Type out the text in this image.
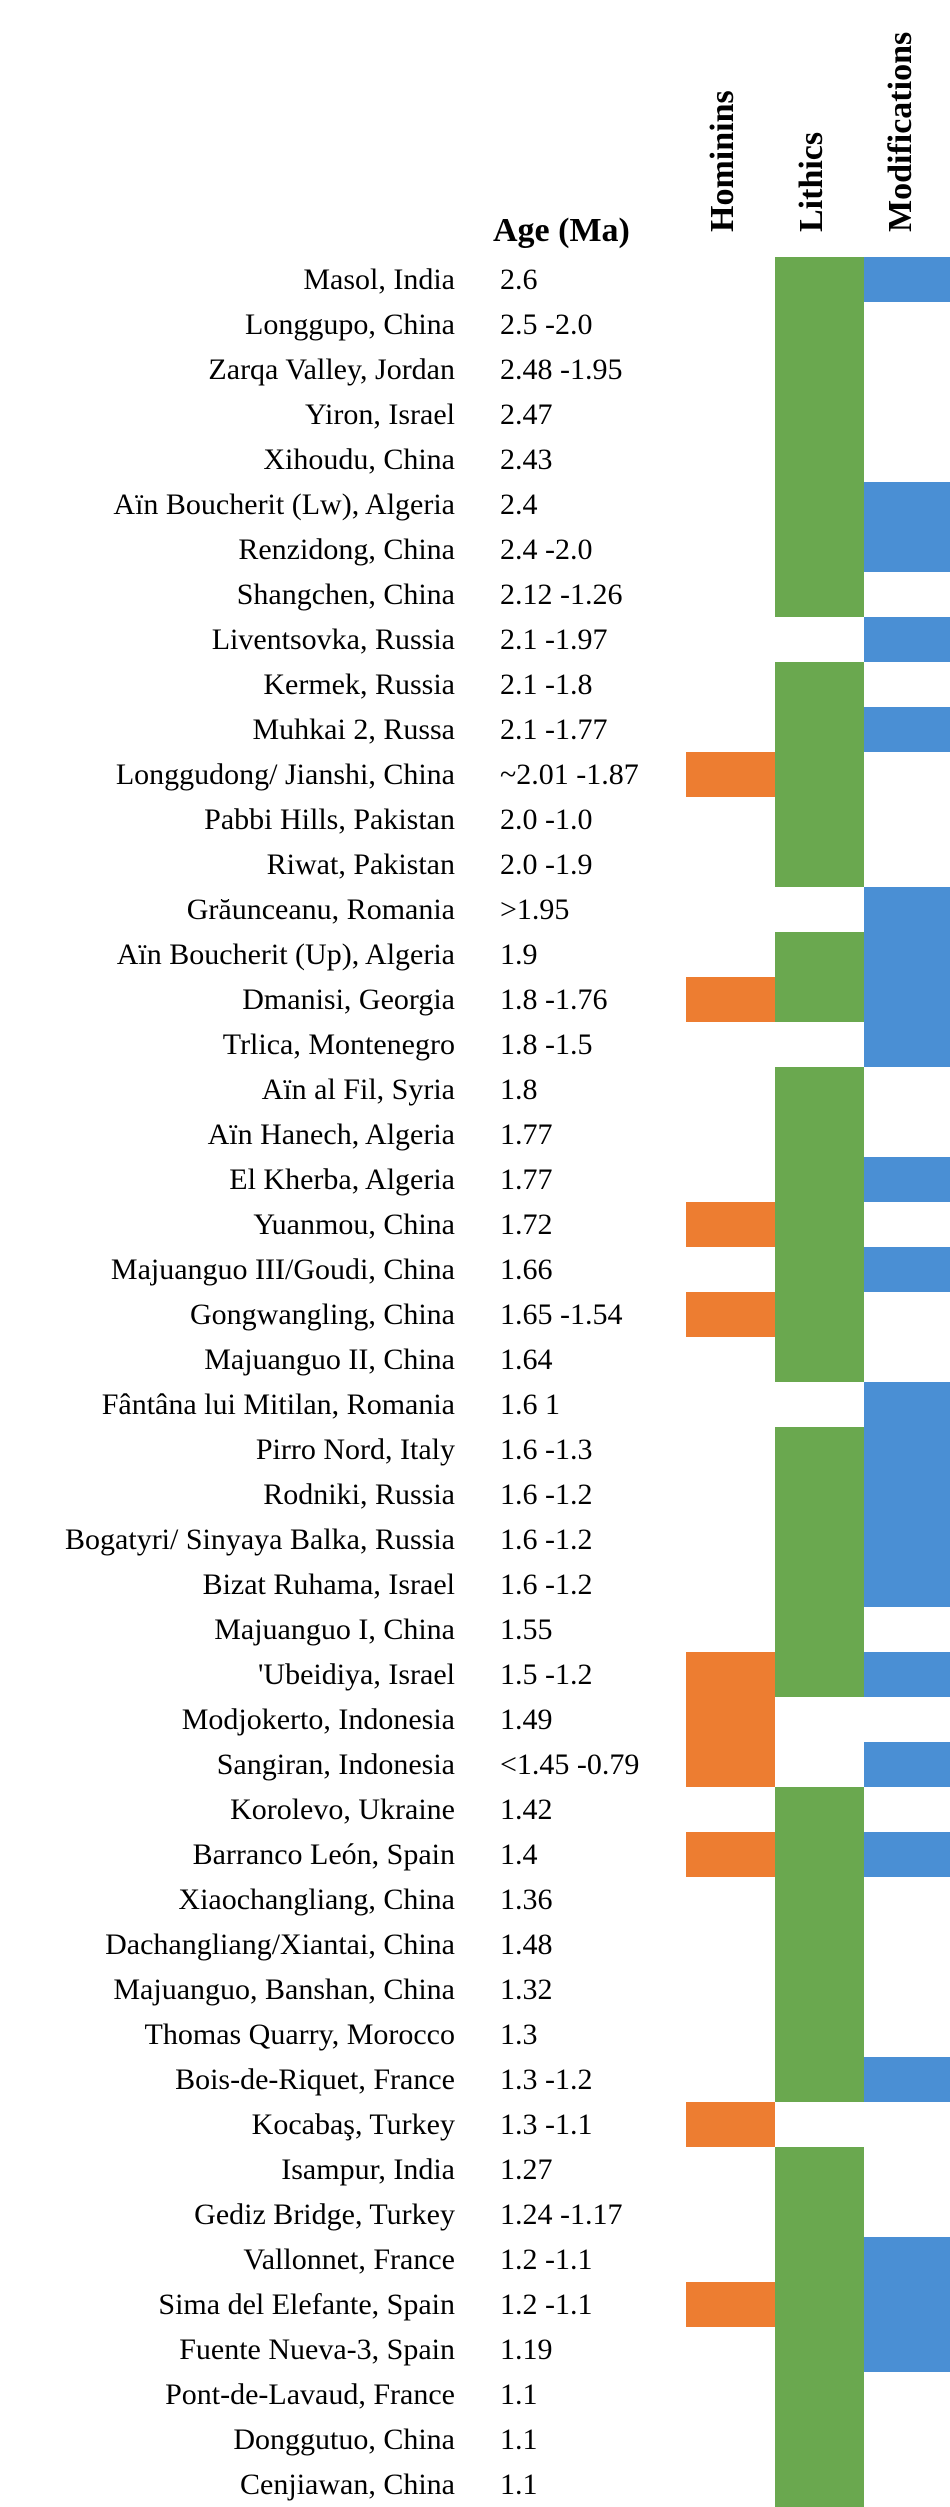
Age (Ma) Hominins Lithics Modifications
Masol, India 2.6
Longgupo, China 2.5 -2.0
Zarqa Valley, Jordan 2.48 -1.95
Yiron, Israel 2.47
Xihoudu, China 2.43
Aïn Boucherit (Lw), Algeria 2.4
Renzidong, China 2.4 -2.0
Shangchen, China 2.12 -1.26
Liventsovka, Russia 2.1 -1.97
Kermek, Russia 2.1 -1.8
Muhkai 2, Russa 2.1 -1.77
Longgudong/ Jianshi, China ~2.01 -1.87
Pabbi Hills, Pakistan 2.0 -1.0
Riwat, Pakistan 2.0 -1.9
Grăunceanu, Romania >1.95
Aïn Boucherit (Up), Algeria 1.9
Dmanisi, Georgia 1.8 -1.76
Trlica, Montenegro 1.8 -1.5
Aïn al Fil, Syria 1.8
Aïn Hanech, Algeria 1.77
El Kherba, Algeria 1.77
Yuanmou, China 1.72
Majuanguo III/Goudi, China 1.66
Gongwangling, China 1.65 -1.54
Majuanguo II, China 1.64
Fântâna lui Mitilan, Romania 1.6 1
Pirro Nord, Italy 1.6 -1.3
Rodniki, Russia 1.6 -1.2
Bogatyri/ Sinyaya Balka, Russia 1.6 -1.2
Bizat Ruhama, Israel 1.6 -1.2
Majuanguo I, China 1.55
'Ubeidiya, Israel 1.5 -1.2
Modjokerto, Indonesia 1.49
Sangiran, Indonesia <1.45 -0.79
Korolevo, Ukraine 1.42
Barranco León, Spain 1.4
Xiaochangliang, China 1.36
Dachangliang/Xiantai, China 1.48
Majuanguo, Banshan, China 1.32
Thomas Quarry, Morocco 1.3
Bois-de-Riquet, France 1.3 -1.2
Kocabaş, Turkey 1.3 -1.1
Isampur, India 1.27
Gediz Bridge, Turkey 1.24 -1.17
Vallonnet, France 1.2 -1.1
Sima del Elefante, Spain 1.2 -1.1
Fuente Nueva-3, Spain 1.19
Pont-de-Lavaud, France 1.1
Donggutuo, China 1.1
Cenjiawan, China 1.1
